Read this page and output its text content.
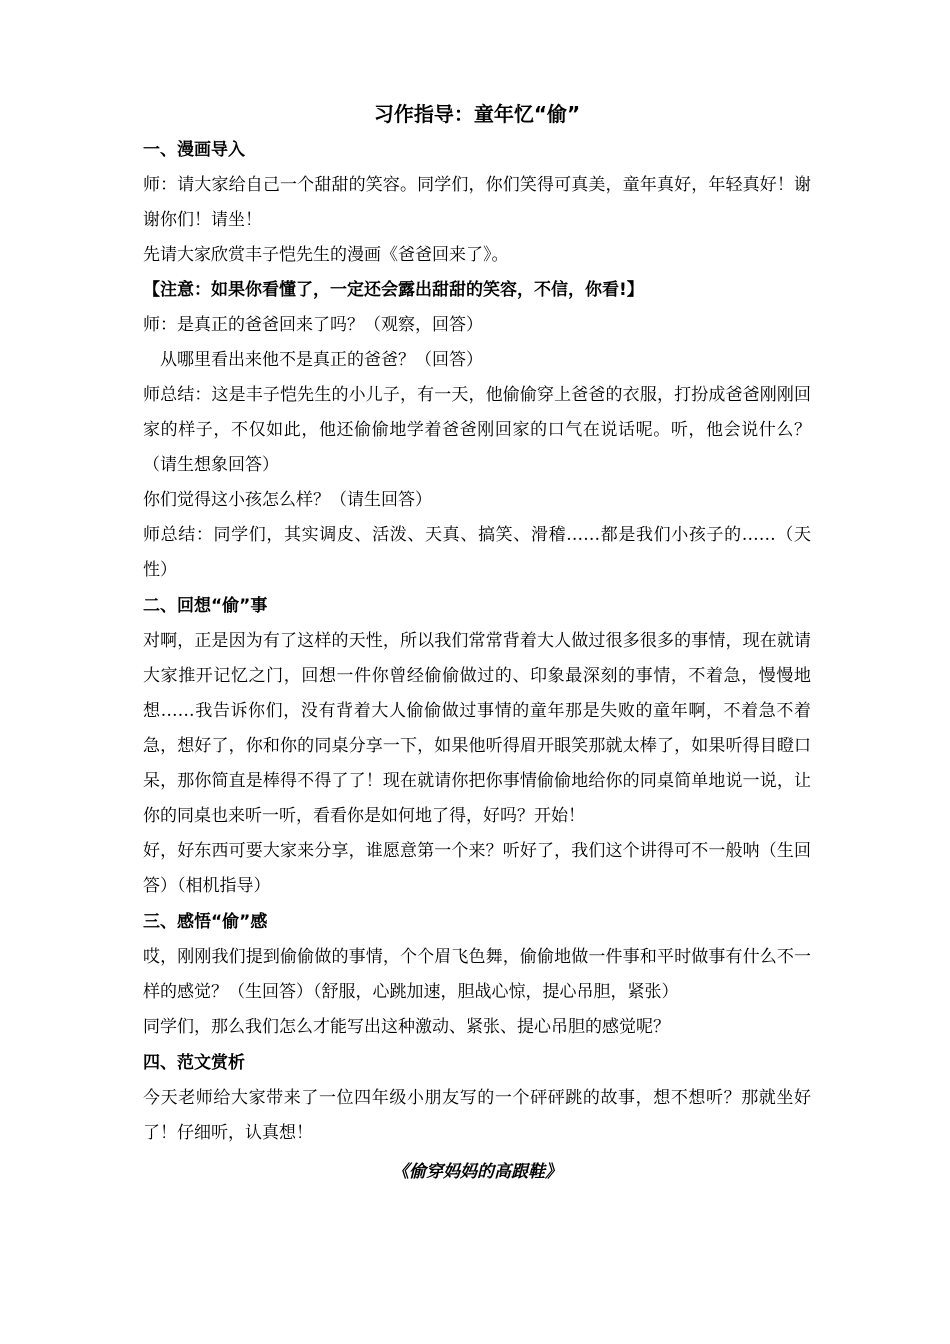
习作指导：童年忆“偷”
一、漫画导入

师：请大家给自己一个甜甜的笑容。同学们，你们笑得可真美，童年真好，年轻真好！谢谢你们！请坐！

先请大家欣赏丰子恺先生的漫画《爸爸回来了》。

【注意：如果你看懂了，一定还会露出甜甜的笑容，不信，你看!】

师：是真正的爸爸回来了吗？（观察，回答）

从哪里看出来他不是真正的爸爸？（回答）

师总结：这是丰子恺先生的小儿子，有一天，他偷偷穿上爸爸的衣服，打扮成爸爸刚刚回家的样子，不仅如此，他还偷偷地学着爸爸刚回家的口气在说话呢。听，他会说什么？（请生想象回答）

你们觉得这小孩怎么样？（请生回答）

师总结：同学们，其实调皮、活泼、天真、搞笑、滑稽……都是我们小孩子的……（天性）

二、回想“偷”事

对啊，正是因为有了这样的天性，所以我们常常背着大人做过很多很多的事情，现在就请大家推开记忆之门，回想一件你曾经偷偷做过的、印象最深刻的事情，不着急，慢慢地想……我告诉你们，没有背着大人偷偷做过事情的童年那是失败的童年啊，不着急不着急，想好了，你和你的同桌分享一下，如果他听得眉开眼笑那就太棒了，如果听得目瞪口呆，那你简直是棒得不得了了！现在就请你把你事情偷偷地给你的同桌简单地说一说，让你的同桌也来听一听，看看你是如何地了得，好吗？开始！

好，好东西可要大家来分享，谁愿意第一个来？听好了，我们这个讲得可不一般呐（生回答）（相机指导）

三、感悟“偷”感

哎，刚刚我们提到偷偷做的事情，个个眉飞色舞，偷偷地做一件事和平时做事有什么不一样的感觉？（生回答）（舒服，心跳加速，胆战心惊，提心吊胆，紧张）

同学们，那么我们怎么才能写出这种激动、紧张、提心吊胆的感觉呢？

四、范文赏析

今天老师给大家带来了一位四年级小朋友写的一个砰砰跳的故事，想不想听？那就坐好了！仔细听，认真想！

《偷穿妈妈的高跟鞋》
